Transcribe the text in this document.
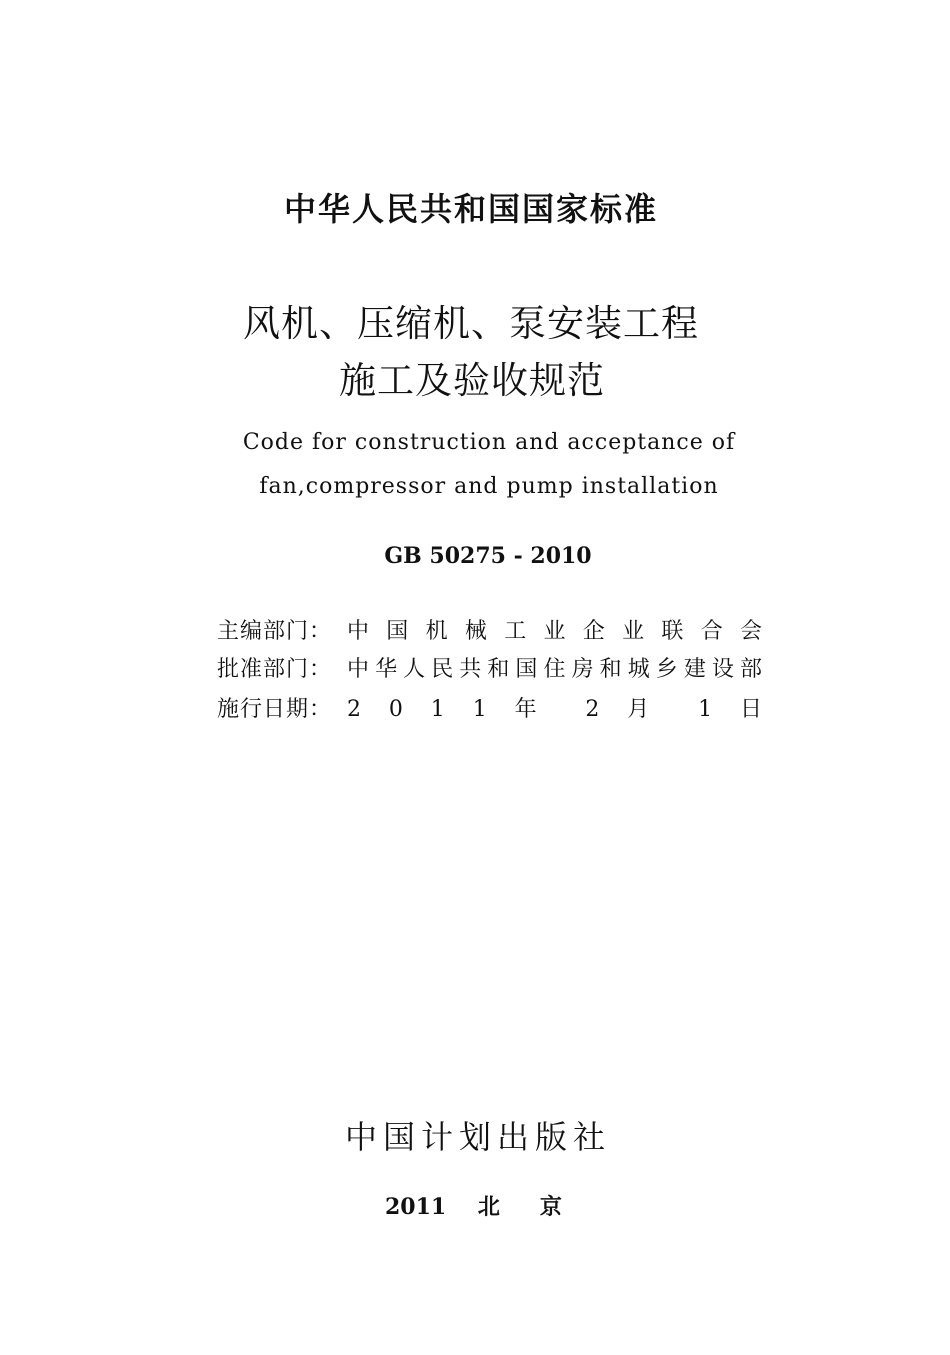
中华人民共和国国家标准
风机、压缩机、泵安装工程
施工及验收规范
Code for construction and acceptance of
fan,compressor and pump installation
GB 50275 - 2010
主编部门： 中 国 机 械 工 业 企 业 联 合 会
批准部门： 中华人民共和国住房和城乡建设部
施行日期： 2 0 1 1 年 2 月 1 日
中国计划出版社
2011 北京
